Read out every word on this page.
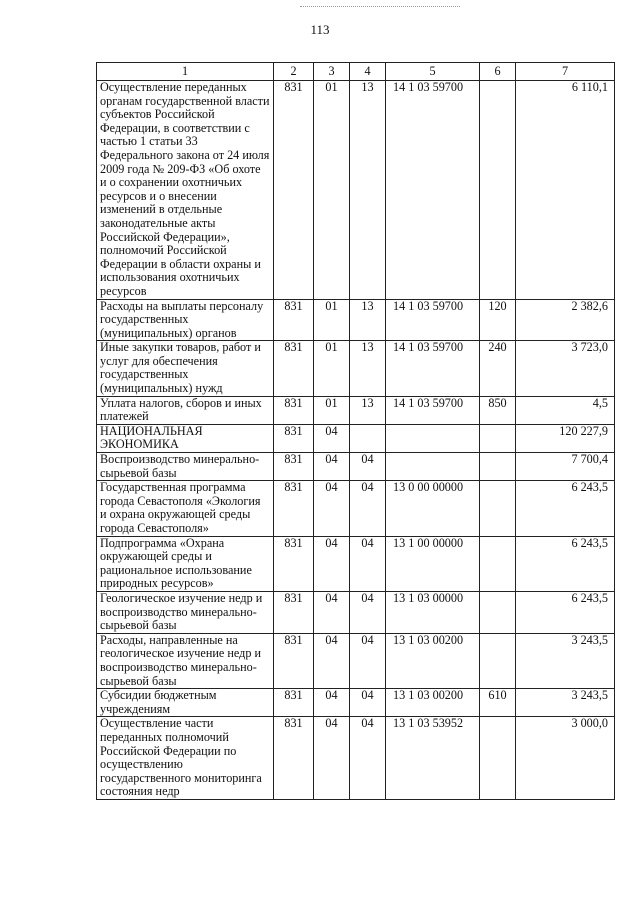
113
1	2	3	4	5	6	7
Осуществление переданных органам государственной власти субъектов Российской Федерации, в соответствии с частью 1 статьи 33 Федерального закона от 24 июля 2009 года № 209-ФЗ «Об охоте и о сохранении охотничьих ресурсов и о внесении изменений в отдельные законодательные акты Российской Федерации», полномочий Российской Федерации в области охраны и использования охотничьих ресурсов	831	01	13	14 1 03 59700		6 110,1
Расходы на выплаты персоналу государственных (муниципальных) органов	831	01	13	14 1 03 59700	120	2 382,6
Иные закупки товаров, работ и услуг для обеспечения государственных (муниципальных) нужд	831	01	13	14 1 03 59700	240	3 723,0
Уплата налогов, сборов и иных платежей	831	01	13	14 1 03 59700	850	4,5
НАЦИОНАЛЬНАЯ ЭКОНОМИКА	831	04				120 227,9
Воспроизводство минерально-сырьевой базы	831	04	04			7 700,4
Государственная программа города Севастополя «Экология и охрана окружающей среды города Севастополя»	831	04	04	13 0 00 00000		6 243,5
Подпрограмма «Охрана окружающей среды и рациональное использование природных ресурсов»	831	04	04	13 1 00 00000		6 243,5
Геологическое изучение недр и воспроизводство минерально-сырьевой базы	831	04	04	13 1 03 00000		6 243,5
Расходы, направленные на геологическое изучение недр и воспроизводство минерально-сырьевой базы	831	04	04	13 1 03 00200		3 243,5
Субсидии бюджетным учреждениям	831	04	04	13 1 03 00200	610	3 243,5
Осуществление части переданных полномочий Российской Федерации по осуществлению государственного мониторинга состояния недр	831	04	04	13 1 03 53952		3 000,0
